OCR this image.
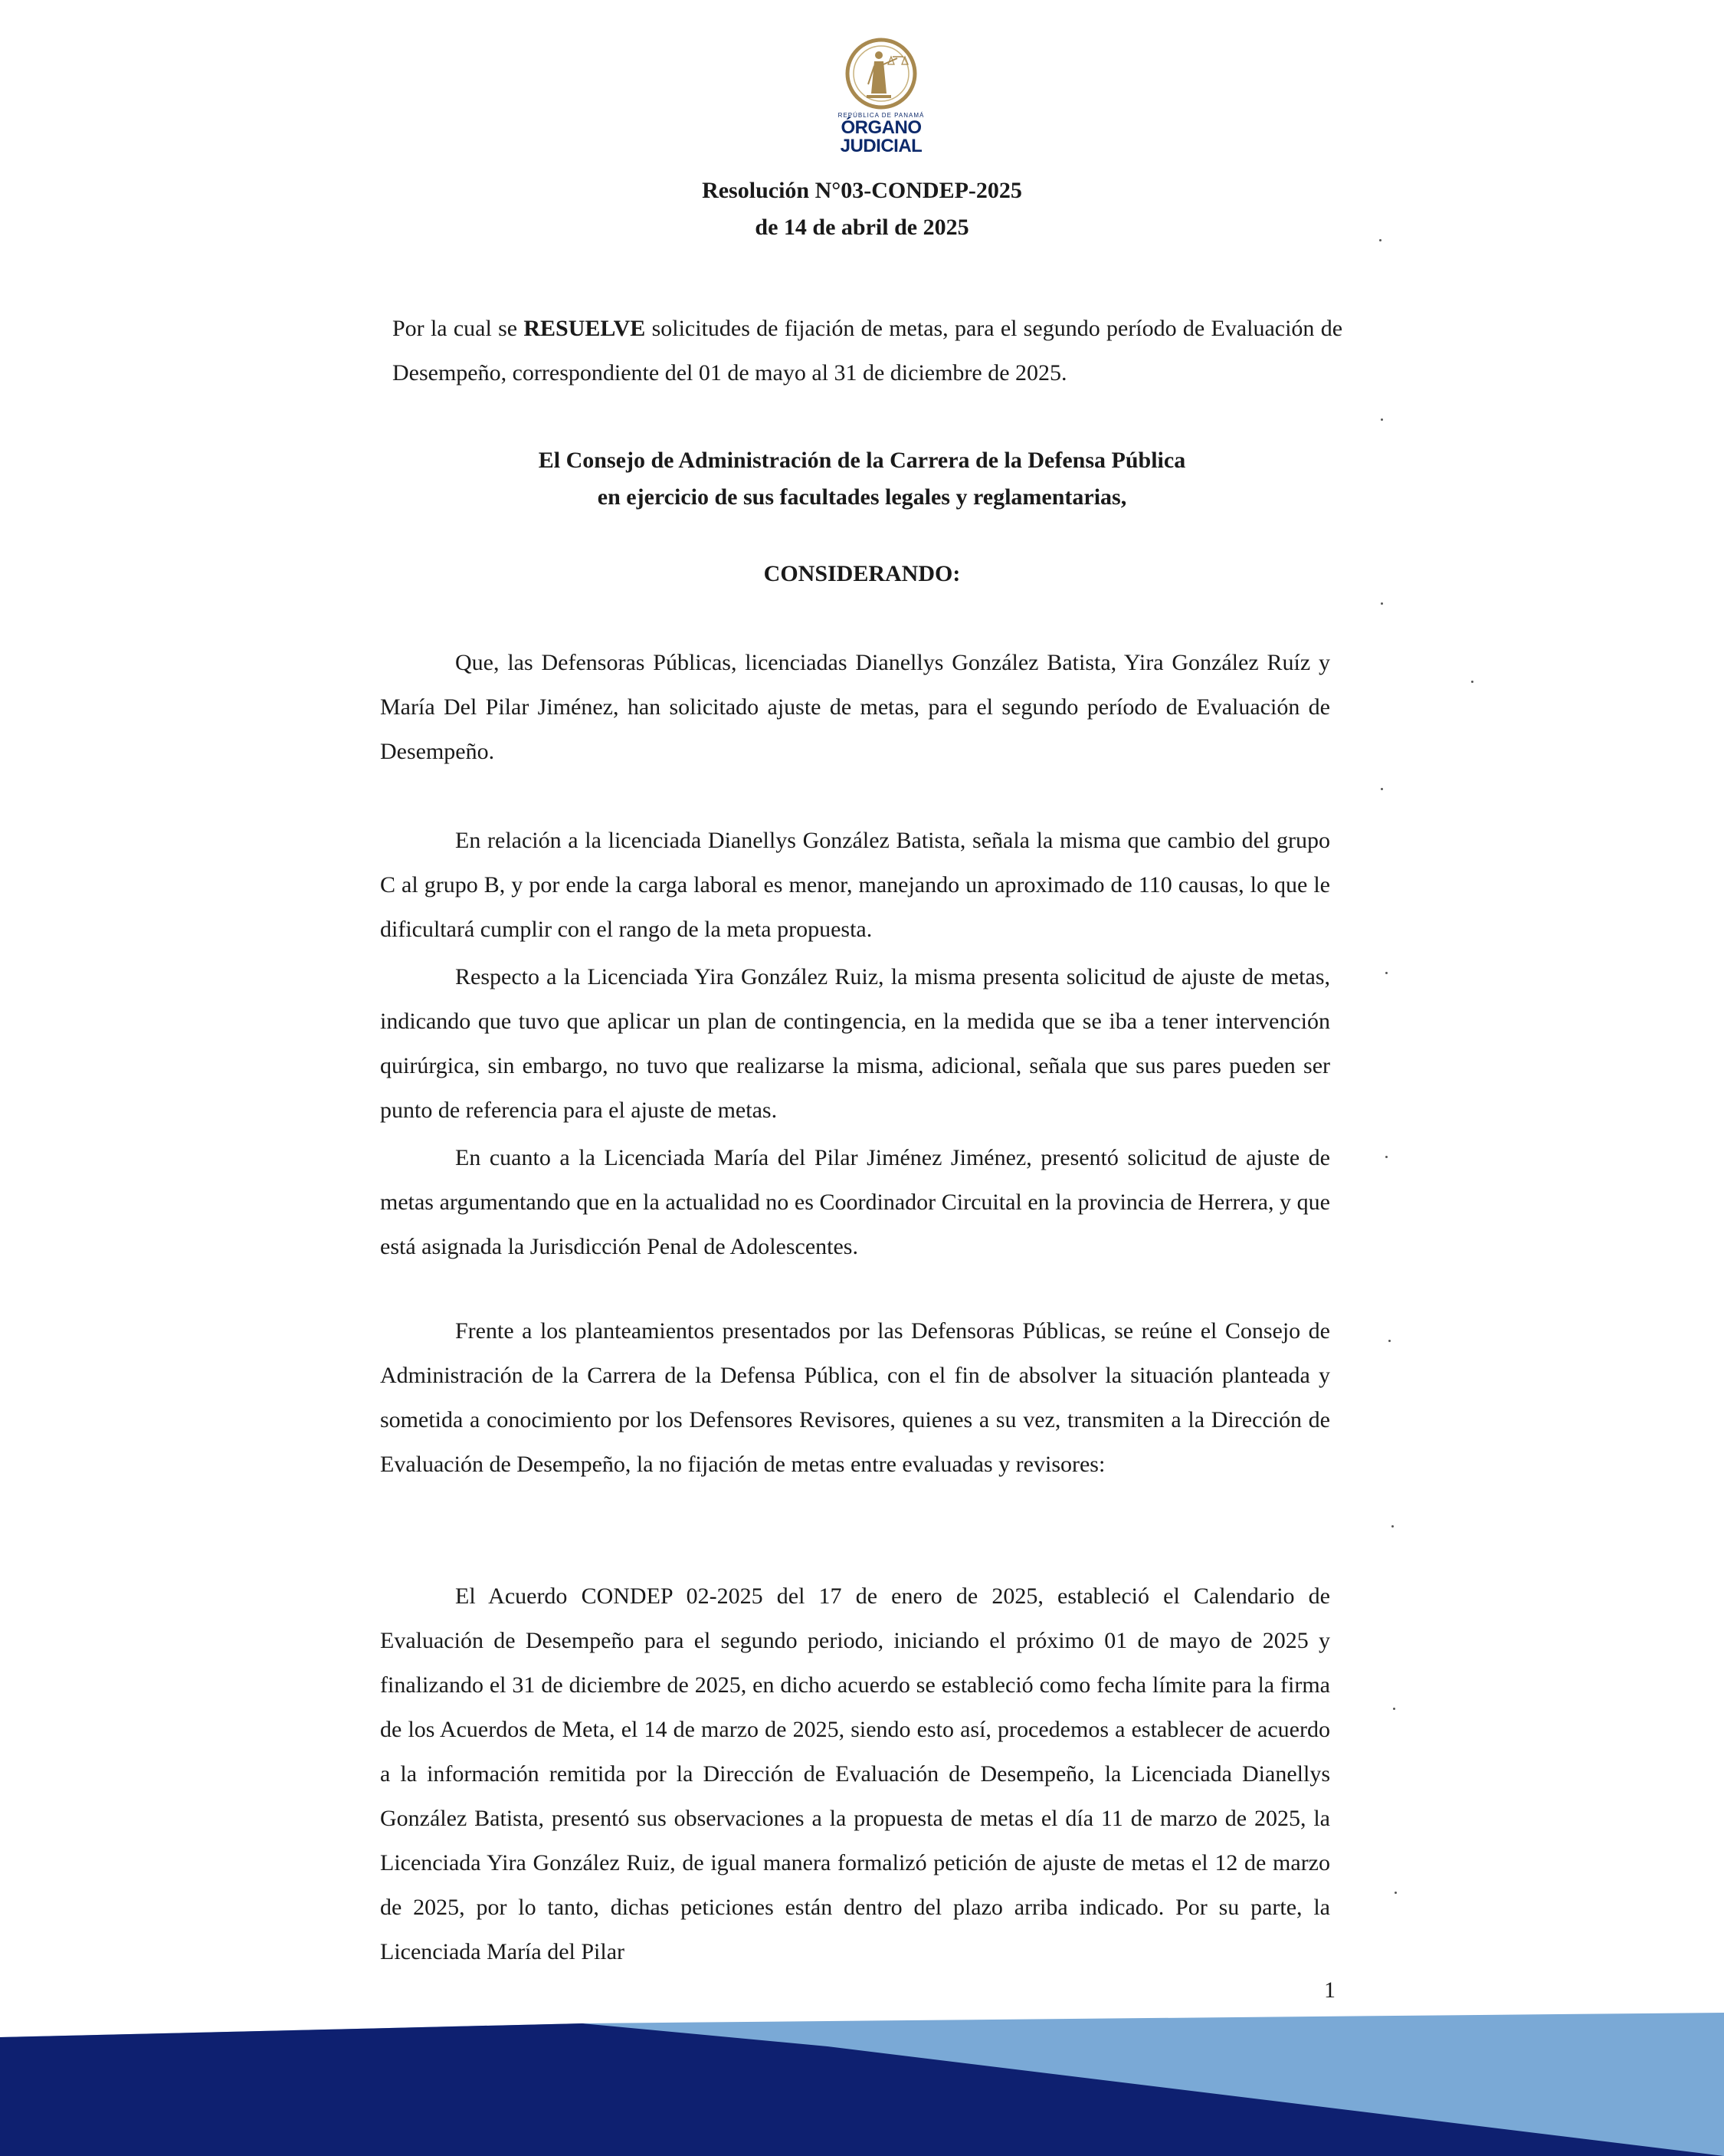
REPÚBLICA DE PANAMÁ
ÓRGANO
JUDICIAL
Resolución N°03-CONDEP-2025
de 14 de abril de 2025
Por la cual se RESUELVE solicitudes de fijación de metas, para el segundo período de Evaluación de Desempeño, correspondiente del 01 de mayo al 31 de diciembre de 2025.
El Consejo de Administración de la Carrera de la Defensa Pública
en ejercicio de sus facultades legales y reglamentarias,
CONSIDERANDO:

Que, las Defensoras Públicas, licenciadas Dianellys González Batista, Yira González Ruíz y María Del Pilar Jiménez, han solicitado ajuste de metas, para el segundo período de Evaluación de Desempeño.

En relación a la licenciada Dianellys González Batista, señala la misma que cambio del grupo C al grupo B, y por ende la carga laboral es menor, manejando un aproximado de 110 causas, lo que le dificultará cumplir con el rango de la meta propuesta.

Respecto a la Licenciada Yira González Ruiz, la misma presenta solicitud de ajuste de metas, indicando que tuvo que aplicar un plan de contingencia, en la medida que se iba a tener intervención quirúrgica, sin embargo, no tuvo que realizarse la misma, adicional, señala que sus pares pueden ser punto de referencia para el ajuste de metas.

En cuanto a la Licenciada María del Pilar Jiménez Jiménez, presentó solicitud de ajuste de metas argumentando que en la actualidad no es Coordinador Circuital en la provincia de Herrera, y que está asignada la Jurisdicción Penal de Adolescentes.

Frente a los planteamientos presentados por las Defensoras Públicas, se reúne el Consejo de Administración de la Carrera de la Defensa Pública, con el fin de absolver la situación planteada y sometida a conocimiento por los Defensores Revisores, quienes a su vez, transmiten a la Dirección de Evaluación de Desempeño, la no fijación de metas entre evaluadas y revisores:

El Acuerdo CONDEP 02-2025 del 17 de enero de 2025, estableció el Calendario de Evaluación de Desempeño para el segundo periodo, iniciando el próximo 01 de mayo de 2025 y finalizando el 31 de diciembre de 2025, en dicho acuerdo se estableció como fecha límite para la firma de los Acuerdos de Meta, el 14 de marzo de 2025, siendo esto así, procedemos a establecer de acuerdo a la información remitida por la Dirección de Evaluación de Desempeño, la Licenciada Dianellys González Batista, presentó sus observaciones a la propuesta de metas el día 11 de marzo de 2025, la Licenciada Yira González Ruiz, de igual manera formalizó petición de ajuste de metas el 12 de marzo de 2025, por lo tanto, dichas peticiones están dentro del plazo arriba indicado. Por su parte, la Licenciada María del Pilar

1
